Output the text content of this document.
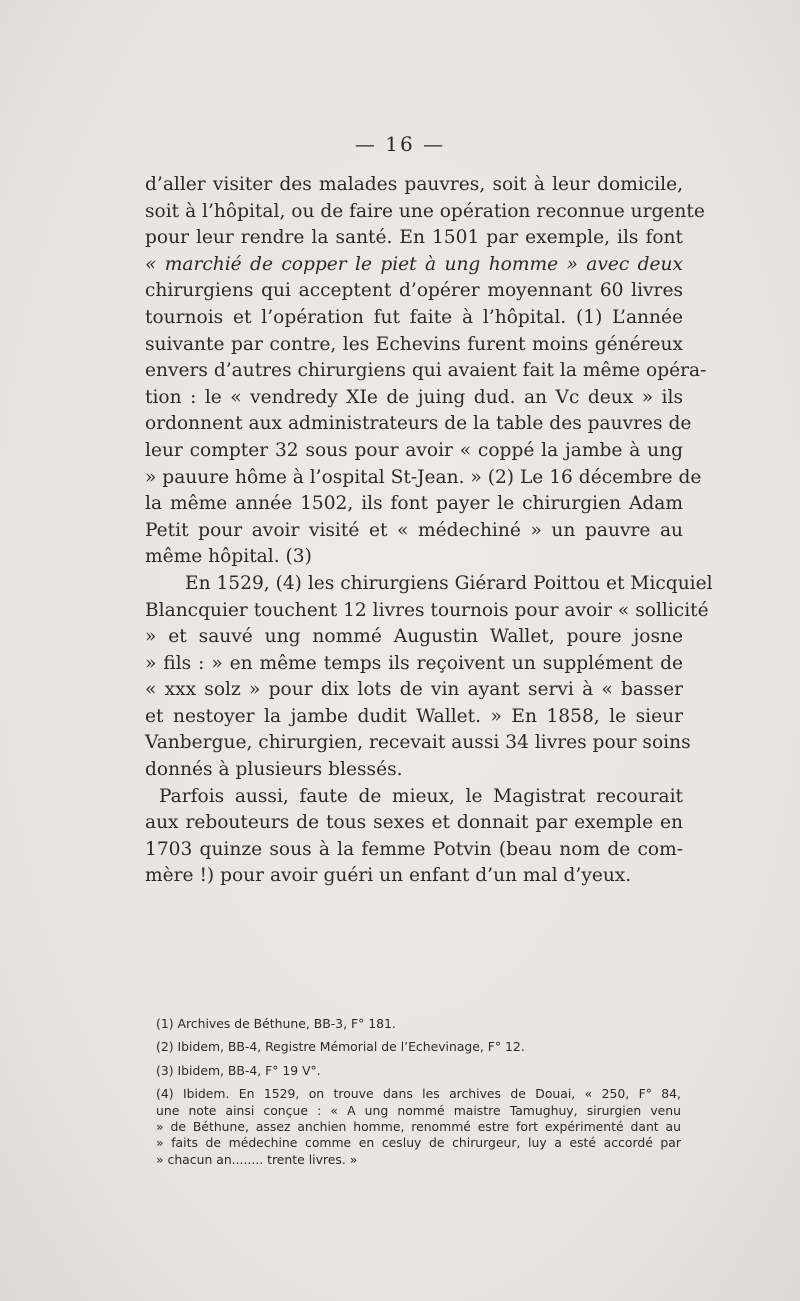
— 16 —

d’aller visiter des malades pauvres, soit à leur domicile,
soit à l’hôpital, ou de faire une opération reconnue urgente
pour leur rendre la santé. En 1501 par exemple, ils font
« marchié de copper le piet à ung homme » avec deux
chirurgiens qui acceptent d’opérer moyennant 60 livres
tournois et l’opération fut faite à l’hôpital. (1) L’année
suivante par contre, les Echevins furent moins généreux
envers d’autres chirurgiens qui avaient fait la même opéra-
tion : le « vendredy XIe de juing dud. an Vc deux » ils
ordonnent aux administrateurs de la table des pauvres de
leur compter 32 sous pour avoir « coppé la jambe à ung
» pauure hôme à l’ospital St-Jean. » (2) Le 16 décembre de
la même année 1502, ils font payer le chirurgien Adam
Petit pour avoir visité et « médechiné » un pauvre au
même hôpital. (3)

En 1529, (4) les chirurgiens Giérard Poittou et Micquiel
Blancquier touchent 12 livres tournois pour avoir « sollicité
» et sauvé ung nommé Augustin Wallet, poure josne
» fils : » en même temps ils reçoivent un supplément de
« xxx solz » pour dix lots de vin ayant servi à « basser
et nestoyer la jambe dudit Wallet. » En 1858, le sieur
Vanbergue, chirurgien, recevait aussi 34 livres pour soins
donnés à plusieurs blessés.

Parfois aussi, faute de mieux, le Magistrat recourait
aux rebouteurs de tous sexes et donnait par exemple en
1703 quinze sous à la femme Potvin (beau nom de com-
mère !) pour avoir guéri un enfant d’un mal d’yeux.

(1) Archives de Béthune, BB-3, F° 181.
(2) Ibidem, BB-4, Registre Mémorial de l’Echevinage, F° 12.
(3) Ibidem, BB-4, F° 19 V°.
(4) Ibidem. En 1529, on trouve dans les archives de Douai, « 250, F° 84,
une note ainsi conçue : « A ung nommé maistre Tamughuy, sirurgien venu
» de Béthune, assez anchien homme, renommé estre fort expérimenté dant au
» faits de médechine comme en cesluy de chirurgeur, luy a esté accordé par
» chacun an........ trente livres. »
